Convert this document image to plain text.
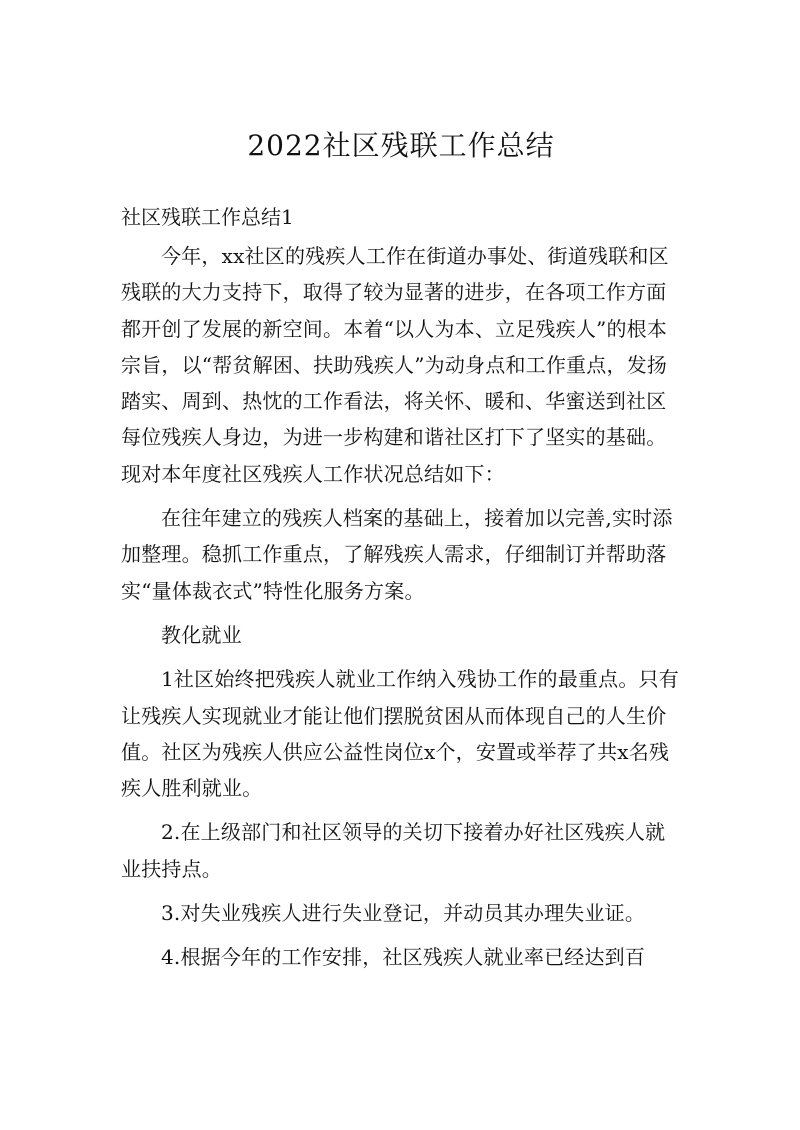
2022社区残联工作总结
社区残联工作总结1

今年，xx社区的残疾人工作在街道办事处、街道残联和区残联的大力支持下，取得了较为显著的进步，在各项工作方面都开创了发展的新空间。本着“以人为本、立足残疾人”的根本宗旨，以“帮贫解困、扶助残疾人”为动身点和工作重点，发扬踏实、周到、热忱的工作看法，将关怀、暖和、华蜜送到社区每位残疾人身边，为进一步构建和谐社区打下了坚实的基础。现对本年度社区残疾人工作状况总结如下：

在往年建立的残疾人档案的基础上，接着加以完善,实时添加整理。稳抓工作重点，了解残疾人需求，仔细制订并帮助落实“量体裁衣式”特性化服务方案。

教化就业

1社区始终把残疾人就业工作纳入残协工作的最重点。只有让残疾人实现就业才能让他们摆脱贫困从而体现自己的人生价值。社区为残疾人供应公益性岗位x个，安置或举荐了共x名残疾人胜利就业。

2.在上级部门和社区领导的关切下接着办好社区残疾人就业扶持点。

3.对失业残疾人进行失业登记，并动员其办理失业证。

4.根据今年的工作安排，社区残疾人就业率已经达到百
